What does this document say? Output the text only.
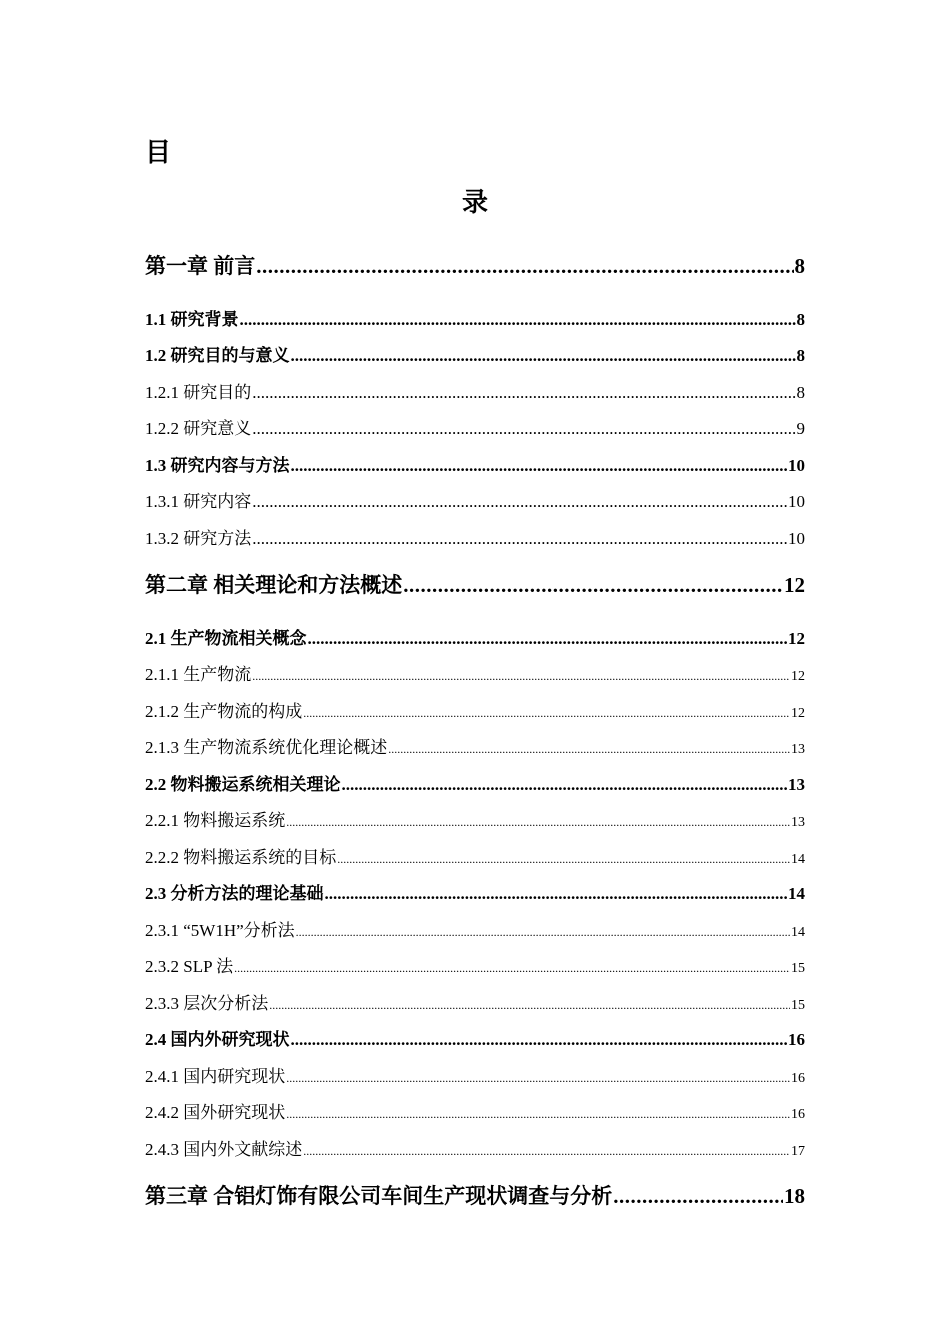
目
录
第一章 前言 .....	8
1.1 研究背景 .....	8
1.2 研究目的与意义 .....	8
1.2.1 研究目的 .....	8
1.2.2 研究意义 .....	9
1.3 研究内容与方法 .....	10
1.3.1 研究内容 .....	10
1.3.2 研究方法 .....	10
第二章 相关理论和方法概述 .....	12
2.1 生产物流相关概念 .....	12
2.1.1 生产物流 .....	12
2.1.2 生产物流的构成 .....	12
2.1.3 生产物流系统优化理论概述 .....	13
2.2 物料搬运系统相关理论 .....	13
2.2.1 物料搬运系统 .....	13
2.2.2 物料搬运系统的目标 .....	14
2.3 分析方法的理论基础 .....	14
2.3.1 “5W1H”分析法 .....	14
2.3.2 SLP 法 .....	15
2.3.3 层次分析法 .....	15
2.4 国内外研究现状 .....	16
2.4.1 国内研究现状 .....	16
2.4.2 国外研究现状 .....	16
2.4.3 国内外文献综述 .....	17
第三章 合铝灯饰有限公司车间生产现状调查与分析 .....	18
